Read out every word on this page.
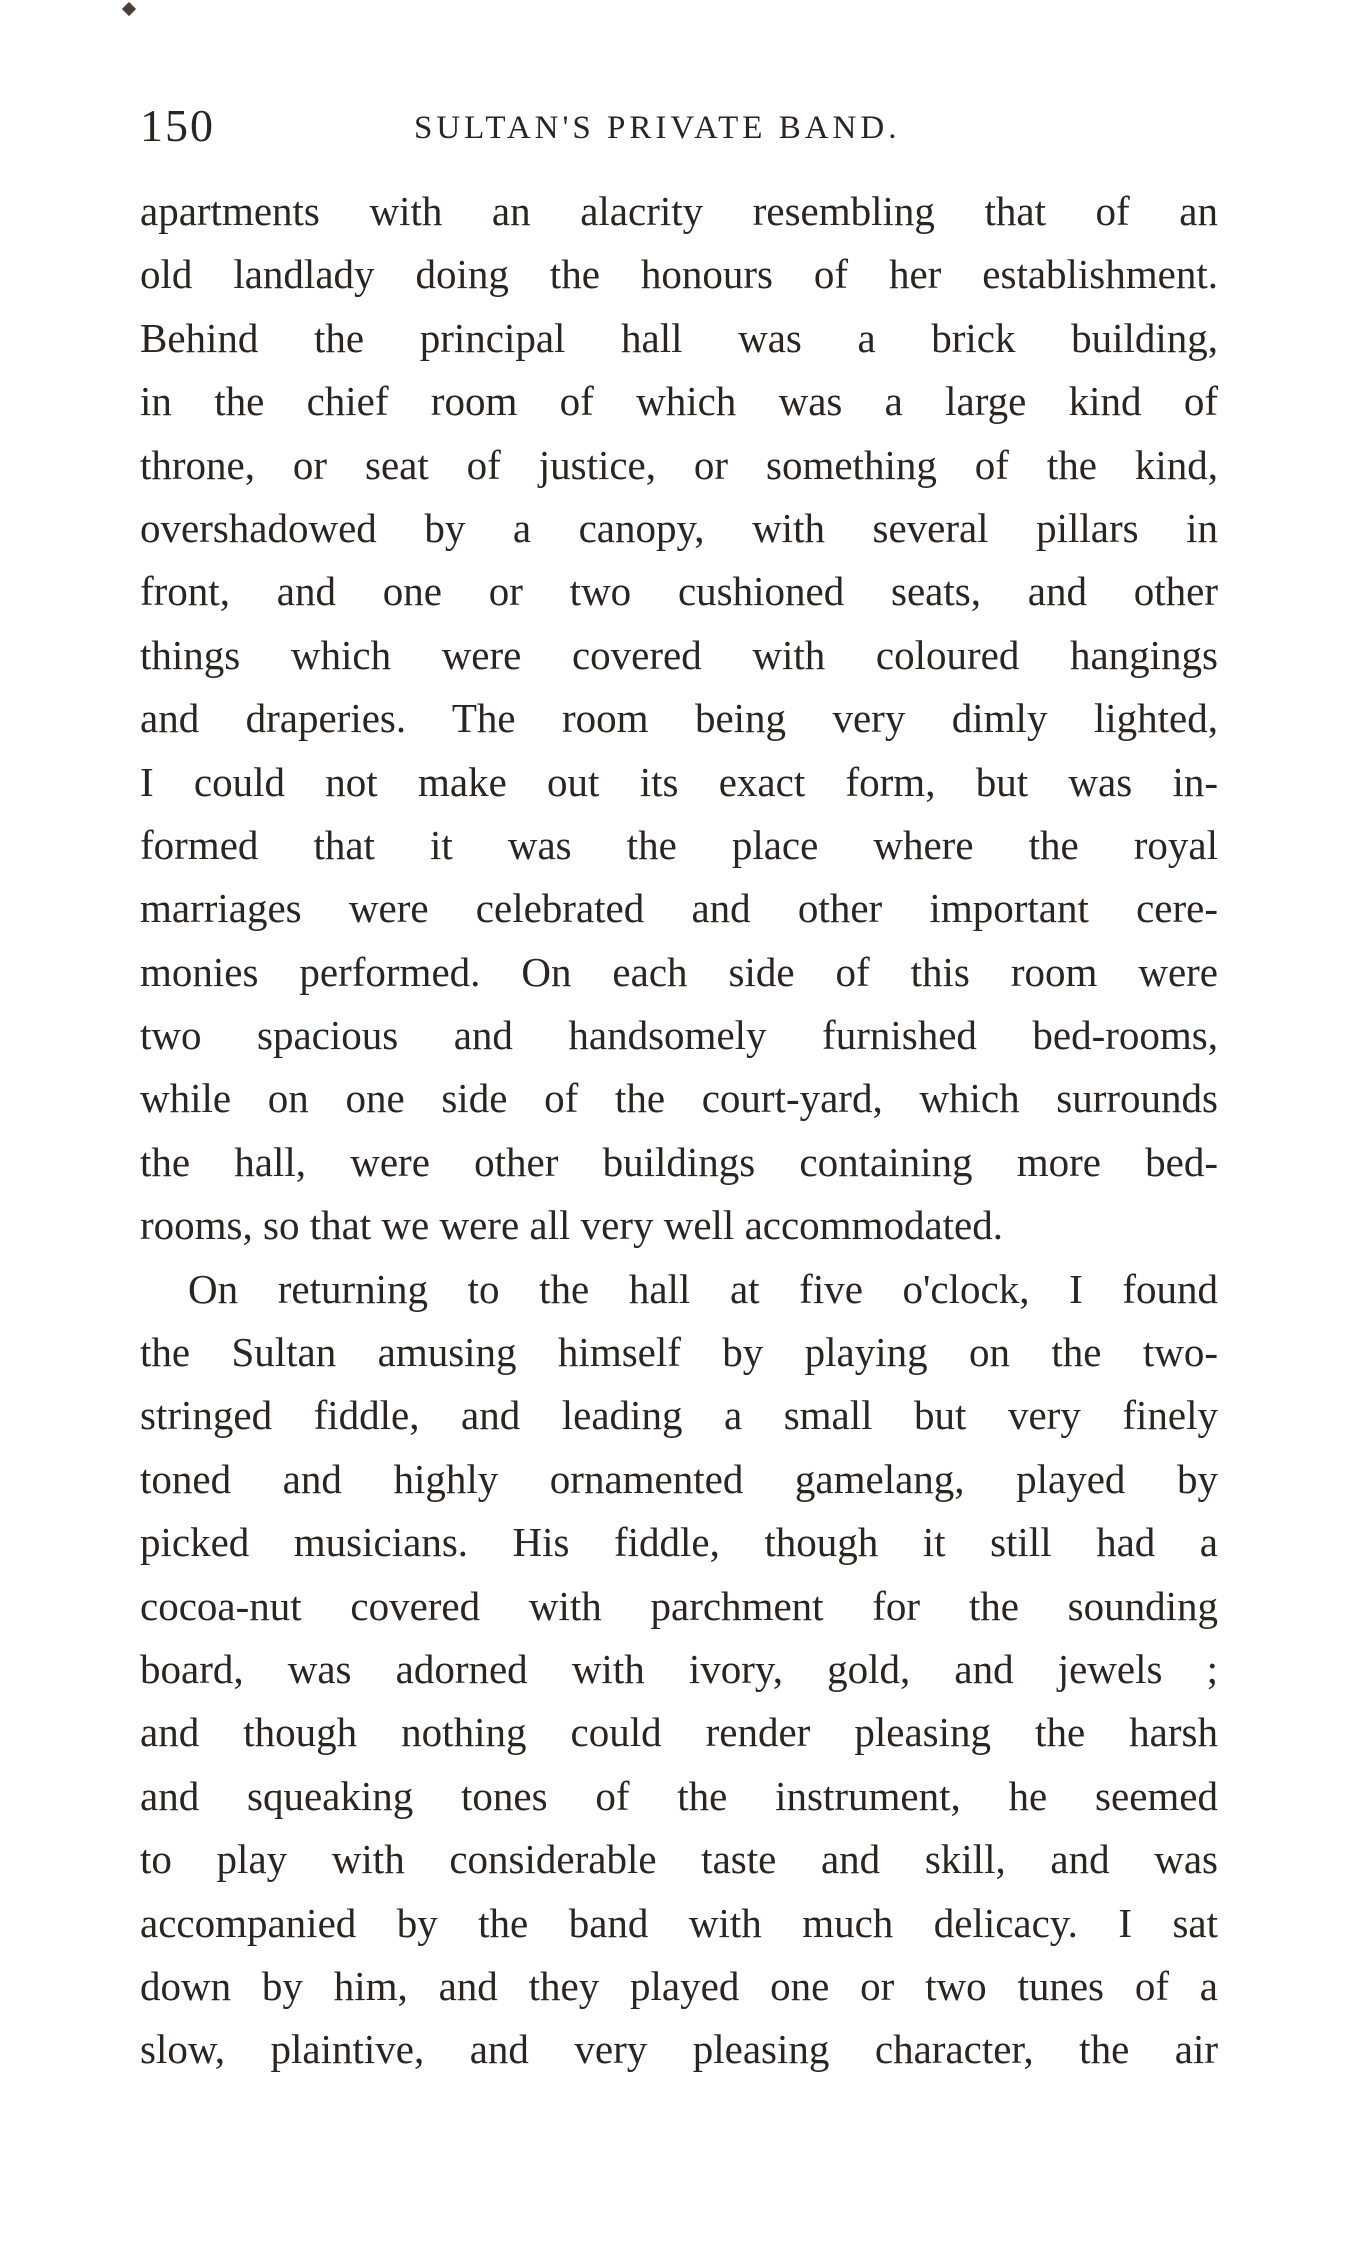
150	SULTAN'S PRIVATE BAND.
apartments with an alacrity resembling that of an
old landlady doing the honours of her establishment.
Behind the principal hall was a brick building,
in the chief room of which was a large kind of
throne, or seat of justice, or something of the kind,
overshadowed by a canopy, with several pillars in
front, and one or two cushioned seats, and other
things which were covered with coloured hangings
and draperies. The room being very dimly lighted,
I could not make out its exact form, but was in-
formed that it was the place where the royal
marriages were celebrated and other important cere-
monies performed. On each side of this room were
two spacious and handsomely furnished bed-rooms,
while on one side of the court-yard, which surrounds
the hall, were other buildings containing more bed-
rooms, so that we were all very well accommodated.
On returning to the hall at five o'clock, I found
the Sultan amusing himself by playing on the two-
stringed fiddle, and leading a small but very finely
toned and highly ornamented gamelang, played by
picked musicians. His fiddle, though it still had a
cocoa-nut covered with parchment for the sounding
board, was adorned with ivory, gold, and jewels ;
and though nothing could render pleasing the harsh
and squeaking tones of the instrument, he seemed
to play with considerable taste and skill, and was
accompanied by the band with much delicacy. I sat
down by him, and they played one or two tunes of a
slow, plaintive, and very pleasing character, the air
